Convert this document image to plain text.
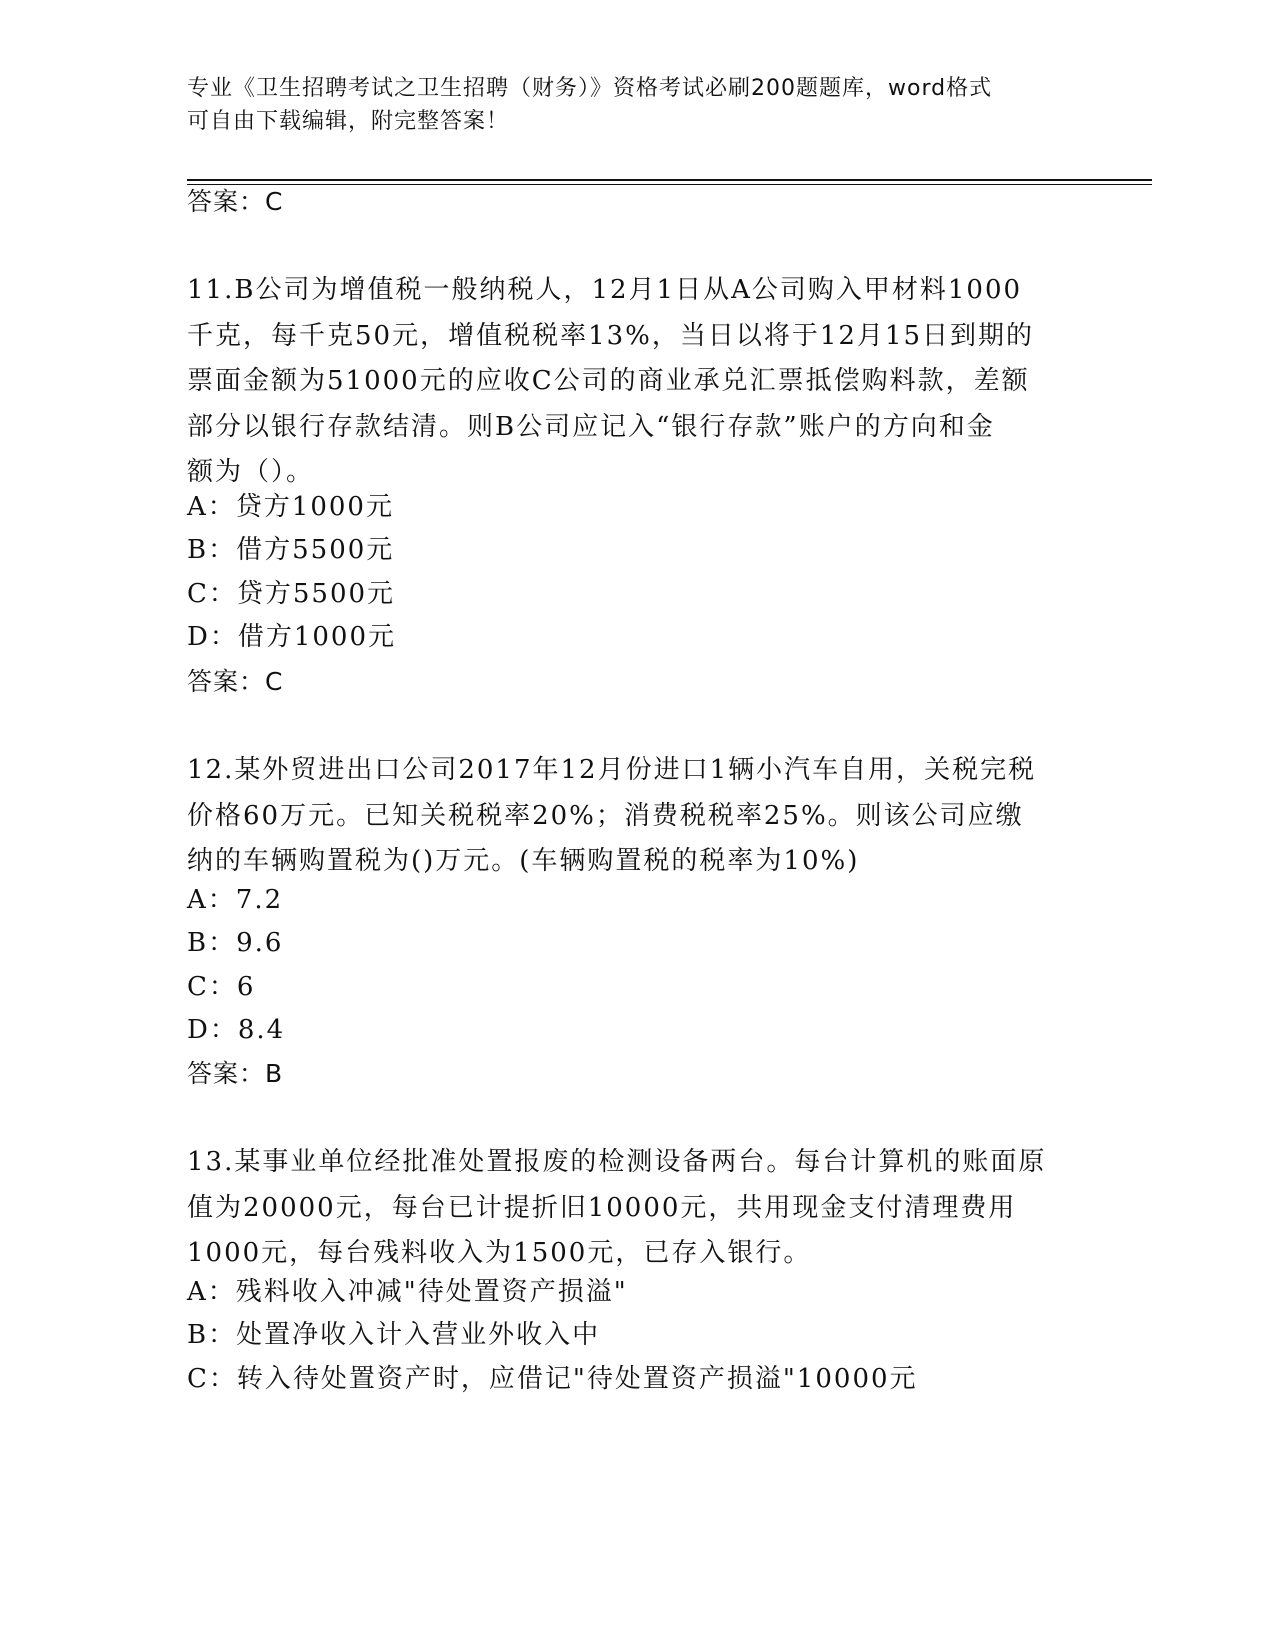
专业《卫生招聘考试之卫生招聘（财务）》资格考试必刷200题题库，word格式
可自由下载编辑，附完整答案！
答案：C
11.B公司为增值税一般纳税人，12月1日从A公司购入甲材料1000
千克，每千克50元，增值税税率13%，当日以将于12月15日到期的
票面金额为51000元的应收C公司的商业承兑汇票抵偿购料款，差额
部分以银行存款结清。则B公司应记入“银行存款”账户的方向和金
额为（）。
A：贷方1000元
B：借方5500元
C：贷方5500元
D：借方1000元
答案：C
12.某外贸进出口公司2017年12月份进口1辆小汽车自用，关税完税
价格60万元。已知关税税率20%；消费税税率25%。则该公司应缴
纳的车辆购置税为()万元。(车辆购置税的税率为10%)
A：7.2
B：9.6
C：6
D：8.4
答案：B
13.某事业单位经批准处置报废的检测设备两台。每台计算机的账面原
值为20000元，每台已计提折旧10000元，共用现金支付清理费用
1000元，每台残料收入为1500元，已存入银行。
A：残料收入冲减"待处置资产损溢"
B：处置净收入计入营业外收入中
C：转入待处置资产时，应借记"待处置资产损溢"10000元
